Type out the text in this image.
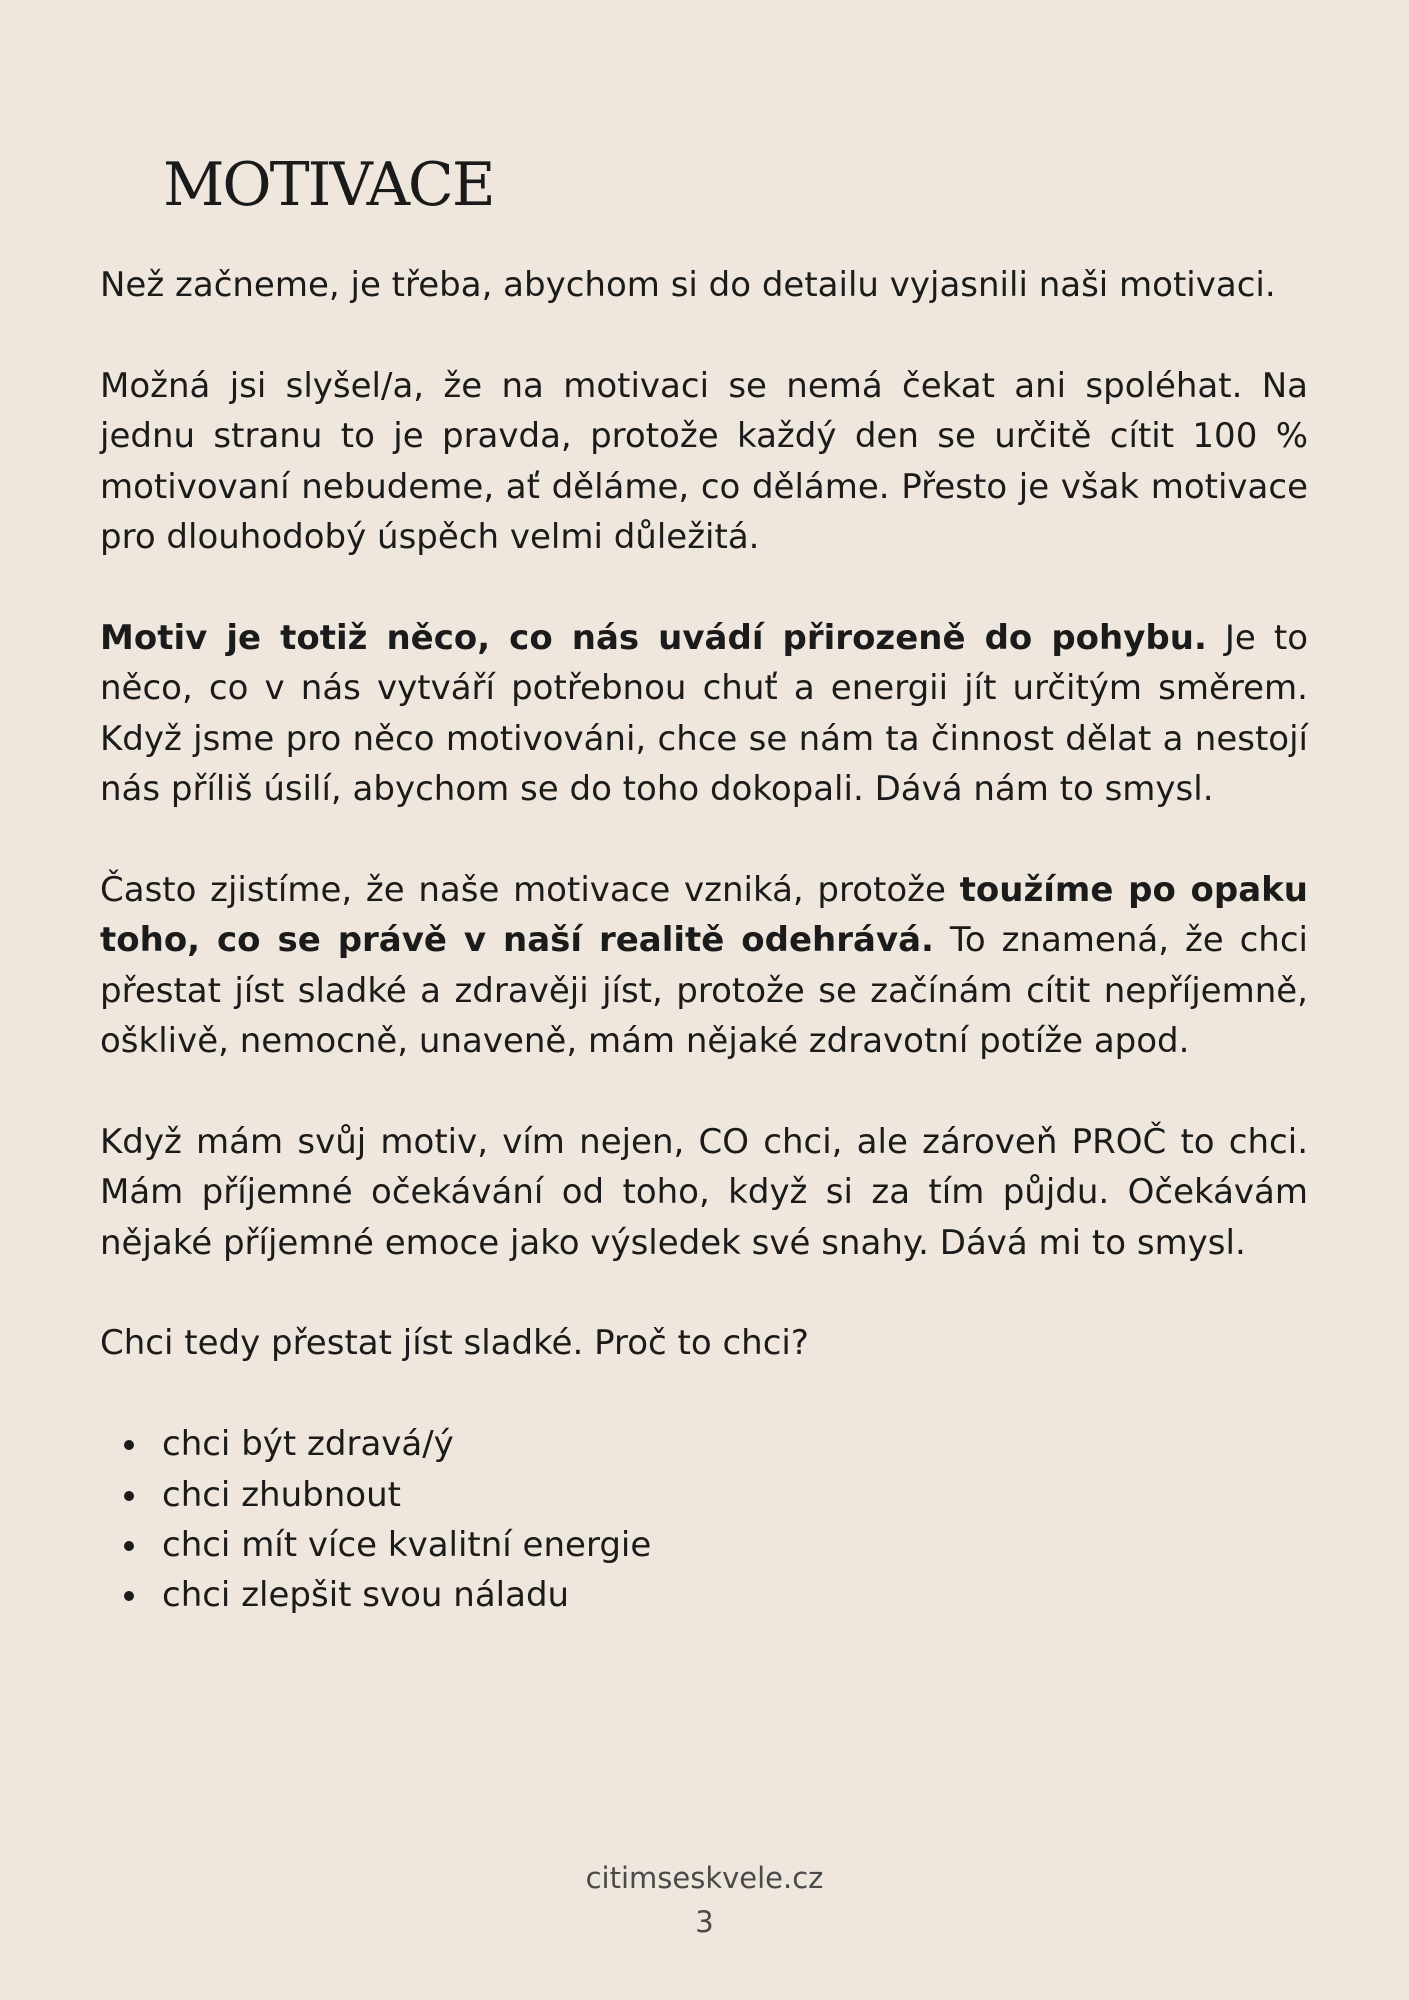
MOTIVACE

Než začneme, je třeba, abychom si do detailu vyjasnili naši motivaci.

Možná jsi slyšel/a, že na motivaci se nemá čekat ani spoléhat. Na jednu stranu to je pravda, protože každý den se určitě cítit 100 % motivovaní nebudeme, ať děláme, co děláme. Přesto je však motivace pro dlouhodobý úspěch velmi důležitá.

Motiv je totiž něco, co nás uvádí přirozeně do pohybu. Je to něco, co v nás vytváří potřebnou chuť a energii jít určitým směrem. Když jsme pro něco motivováni, chce se nám ta činnost dělat a nestojí nás příliš úsilí, abychom se do toho dokopali. Dává nám to smysl.

Často zjistíme, že naše motivace vzniká, protože toužíme po opaku toho, co se právě v naší realitě odehrává. To znamená, že chci přestat jíst sladké a zdravěji jíst, protože se začínám cítit nepříjemně, ošklivě, nemocně, unaveně, mám nějaké zdravotní potíže apod.

Když mám svůj motiv, vím nejen, CO chci, ale zároveň PROČ to chci. Mám příjemné očekávání od toho, když si za tím půjdu. Očekávám nějaké příjemné emoce jako výsledek své snahy. Dává mi to smysl.

Chci tedy přestat jíst sladké. Proč to chci?

chci být zdravá/ý
chci zhubnout
chci mít více kvalitní energie
chci zlepšit svou náladu

citimseskvele.cz

3
